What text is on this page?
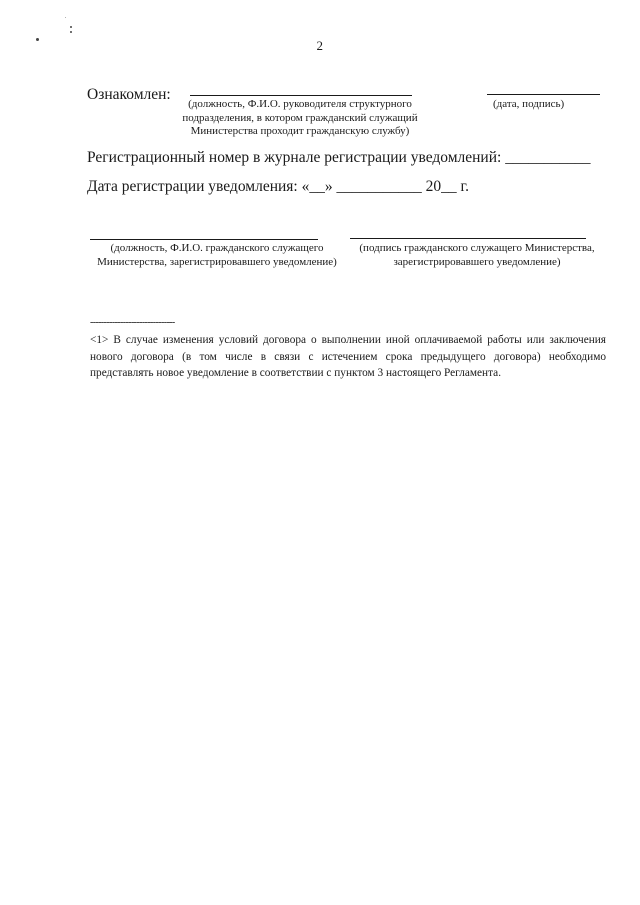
2
Ознакомлен:
(должность, Ф.И.О. руководителя структурного
подразделения, в котором гражданский служащий
Министерства проходит гражданскую службу)
(дата, подпись)
Регистрационный номер в журнале регистрации уведомлений: ___________
Дата регистрации уведомления: «__» ___________ 20__ г.
(должность, Ф.И.О. гражданского служащего
Министерства, зарегистрировавшего уведомление)
(подпись гражданского служащего Министерства,
зарегистрировавшего уведомление)
-------------------------------
<1> В случае изменения условий договора о выполнении иной оплачиваемой работы или заключения нового договора (в том числе в связи с истечением срока предыдущего договора) необходимо представлять новое уведомление в соответствии с пунктом 3 настоящего Регламента.
